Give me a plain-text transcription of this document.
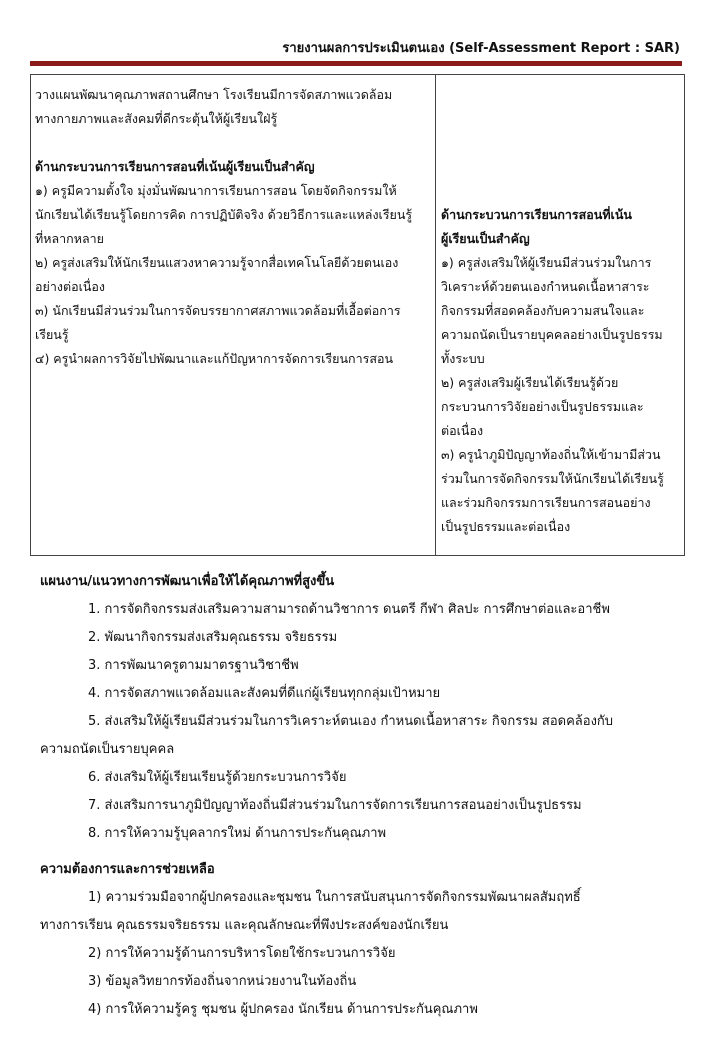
รายงานผลการประเมินตนเอง (Self-Assessment Report : SAR)
วางแผนพัฒนาคุณภาพสถานศึกษา โรงเรียนมีการจัดสภาพแวดล้อม
ทางกายภาพและสังคมที่ดีกระตุ้นให้ผู้เรียนใฝ่รู้
ด้านกระบวนการเรียนการสอนที่เน้นผู้เรียนเป็นสำคัญ
๑) ครูมีความตั้งใจ มุ่งมั่นพัฒนาการเรียนการสอน โดยจัดกิจกรรมให้
นักเรียนได้เรียนรู้โดยการคิด การปฏิบัติจริง ด้วยวิธีการและแหล่งเรียนรู้
ที่หลากหลาย
๒) ครูส่งเสริมให้นักเรียนแสวงหาความรู้จากสื่อเทคโนโลยีด้วยตนเอง
อย่างต่อเนื่อง
๓) นักเรียนมีส่วนร่วมในการจัดบรรยากาศสภาพแวดล้อมที่เอื้อต่อการ
เรียนรู้
๔) ครูนำผลการวิจัยไปพัฒนาและแก้ปัญหาการจัดการเรียนการสอน
ด้านกระบวนการเรียนการสอนที่เน้น
ผู้เรียนเป็นสำคัญ
๑) ครูส่งเสริมให้ผู้เรียนมีส่วนร่วมในการ
วิเคราะห์ด้วยตนเองกำหนดเนื้อหาสาระ
กิจกรรมที่สอดคล้องกับความสนใจและ
ความถนัดเป็นรายบุคคลอย่างเป็นรูปธรรม
ทั้งระบบ
๒) ครูส่งเสริมผู้เรียนได้เรียนรู้ด้วย
กระบวนการวิจัยอย่างเป็นรูปธรรมและ
ต่อเนื่อง
๓) ครูนำภูมิปัญญาท้องถิ่นให้เข้ามามีส่วน
ร่วมในการจัดกิจกรรมให้นักเรียนได้เรียนรู้
และร่วมกิจกรรมการเรียนการสอนอย่าง
เป็นรูปธรรมและต่อเนื่อง
แผนงาน/แนวทางการพัฒนาเพื่อให้ได้คุณภาพที่สูงขึ้น
1. การจัดกิจกรรมส่งเสริมความสามารถด้านวิชาการ ดนตรี กีฬา ศิลปะ การศึกษาต่อและอาชีพ
2. พัฒนากิจกรรมส่งเสริมคุณธรรม จริยธรรม
3. การพัฒนาครูตามมาตรฐานวิชาชีพ
4. การจัดสภาพแวดล้อมและสังคมที่ดีแก่ผู้เรียนทุกกลุ่มเป้าหมาย
5. ส่งเสริมให้ผู้เรียนมีส่วนร่วมในการวิเคราะห์ตนเอง กำหนดเนื้อหาสาระ กิจกรรม สอดคล้องกับ
ความถนัดเป็นรายบุคคล
6. ส่งเสริมให้ผู้เรียนเรียนรู้ด้วยกระบวนการวิจัย
7. ส่งเสริมการนาภูมิปัญญาท้องถิ่นมีส่วนร่วมในการจัดการเรียนการสอนอย่างเป็นรูปธรรม
8. การให้ความรู้บุคลากรใหม่ ด้านการประกันคุณภาพ
ความต้องการและการช่วยเหลือ
1) ความร่วมมือจากผู้ปกครองและชุมชน ในการสนับสนุนการจัดกิจกรรมพัฒนาผลสัมฤทธิ์
ทางการเรียน คุณธรรมจริยธรรม และคุณลักษณะที่พึงประสงค์ของนักเรียน
2) การให้ความรู้ด้านการบริหารโดยใช้กระบวนการวิจัย
3) ข้อมูลวิทยากรท้องถิ่นจากหน่วยงานในท้องถิ่น
4) การให้ความรู้ครู ชุมชน ผู้ปกครอง นักเรียน ด้านการประกันคุณภาพ
